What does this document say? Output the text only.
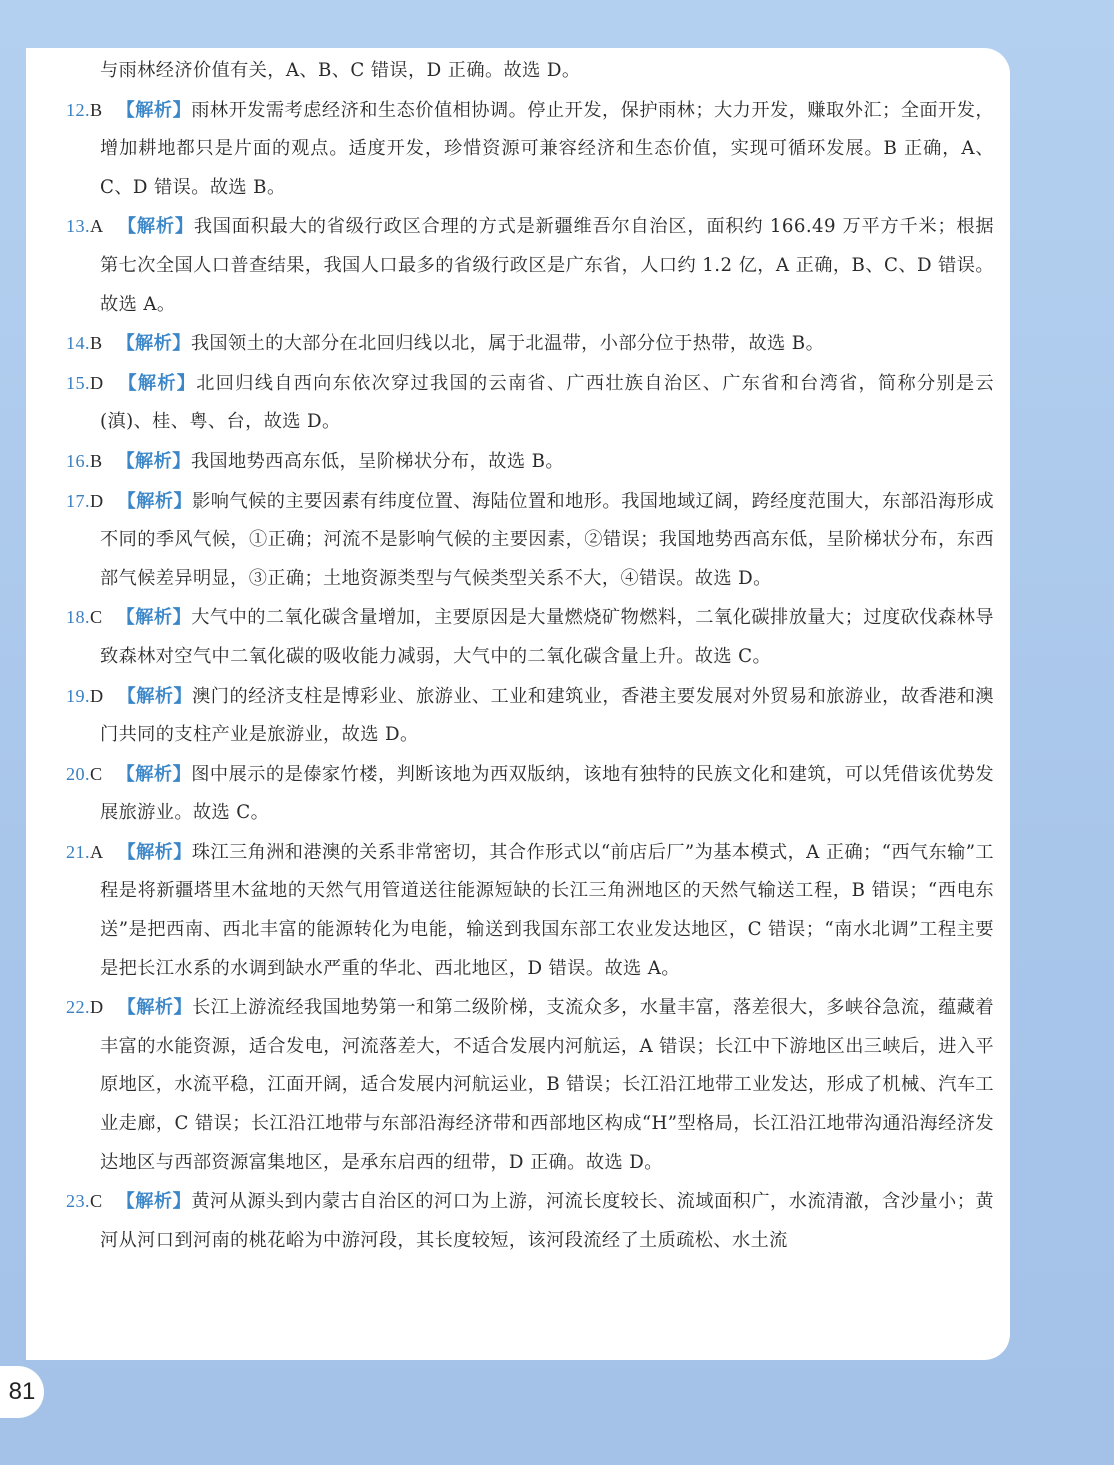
与雨林经济价值有关，A、B、C 错误，D 正确。故选 D。

12.B 【解析】雨林开发需考虑经济和生态价值相协调。停止开发，保护雨林；大力开发，赚取外汇；全面开发，增加耕地都只是片面的观点。适度开发，珍惜资源可兼容经济和生态价值，实现可循环发展。B 正确，A、C、D 错误。故选 B。

13.A 【解析】我国面积最大的省级行政区合理的方式是新疆维吾尔自治区，面积约 166.49 万平方千米；根据第七次全国人口普查结果，我国人口最多的省级行政区是广东省，人口约 1.2 亿，A 正确，B、C、D 错误。故选 A。

14.B 【解析】我国领土的大部分在北回归线以北，属于北温带，小部分位于热带，故选 B。

15.D 【解析】北回归线自西向东依次穿过我国的云南省、广西壮族自治区、广东省和台湾省，简称分别是云(滇)、桂、粤、台，故选 D。

16.B 【解析】我国地势西高东低，呈阶梯状分布，故选 B。

17.D 【解析】影响气候的主要因素有纬度位置、海陆位置和地形。我国地域辽阔，跨经度范围大，东部沿海形成不同的季风气候，①正确；河流不是影响气候的主要因素，②错误；我国地势西高东低，呈阶梯状分布，东西部气候差异明显，③正确；土地资源类型与气候类型关系不大，④错误。故选 D。

18.C 【解析】大气中的二氧化碳含量增加，主要原因是大量燃烧矿物燃料，二氧化碳排放量大；过度砍伐森林导致森林对空气中二氧化碳的吸收能力减弱，大气中的二氧化碳含量上升。故选 C。

19.D 【解析】澳门的经济支柱是博彩业、旅游业、工业和建筑业，香港主要发展对外贸易和旅游业，故香港和澳门共同的支柱产业是旅游业，故选 D。

20.C 【解析】图中展示的是傣家竹楼，判断该地为西双版纳，该地有独特的民族文化和建筑，可以凭借该优势发展旅游业。故选 C。

21.A 【解析】珠江三角洲和港澳的关系非常密切，其合作形式以“前店后厂”为基本模式，A 正确；“西气东输”工程是将新疆塔里木盆地的天然气用管道送往能源短缺的长江三角洲地区的天然气输送工程，B 错误；“西电东送”是把西南、西北丰富的能源转化为电能，输送到我国东部工农业发达地区，C 错误；“南水北调”工程主要是把长江水系的水调到缺水严重的华北、西北地区，D 错误。故选 A。

22.D 【解析】长江上游流经我国地势第一和第二级阶梯，支流众多，水量丰富，落差很大，多峡谷急流，蕴藏着丰富的水能资源，适合发电，河流落差大，不适合发展内河航运，A 错误；长江中下游地区出三峡后，进入平原地区，水流平稳，江面开阔，适合发展内河航运业，B 错误；长江沿江地带工业发达，形成了机械、汽车工业走廊，C 错误；长江沿江地带与东部沿海经济带和西部地区构成“H”型格局，长江沿江地带沟通沿海经济发达地区与西部资源富集地区，是承东启西的纽带，D 正确。故选 D。

23.C 【解析】黄河从源头到内蒙古自治区的河口为上游，河流长度较长、流域面积广，水流清澈，含沙量小；黄河从河口到河南的桃花峪为中游河段，其长度较短，该河段流经了土质疏松、水土流

81
